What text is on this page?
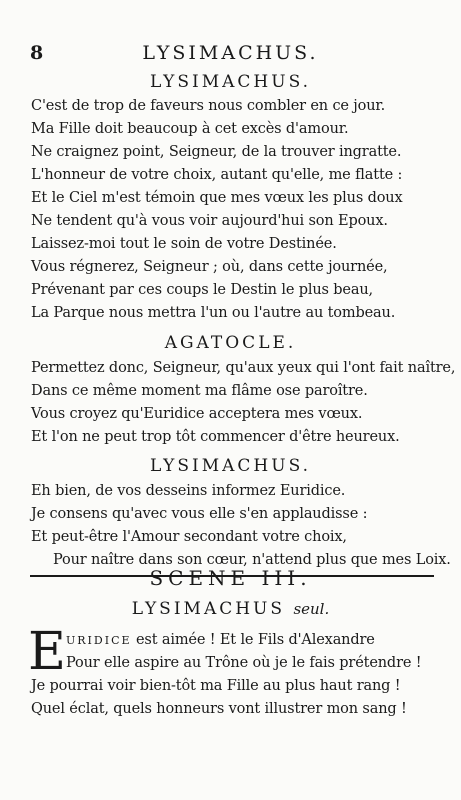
8	LYSIMACHUS.
LYSIMACHUS.
C'est de trop de faveurs nous combler en ce jour.
Ma Fille doit beaucoup à cet excès d'amour.
Ne craignez point, Seigneur, de la trouver ingratte.
L'honneur de votre choix, autant qu'elle, me flatte :
Et le Ciel m'est témoin que mes vœux les plus doux
Ne tendent qu'à vous voir aujourd'hui son Epoux.
Laissez-moi tout le soin de votre Destinée.
Vous régnerez, Seigneur ; où, dans cette journée,
Prévenant par ces coups le Destin le plus beau,
La Parque nous mettra l'un ou l'autre au tombeau.
AGATOCLE.
Permettez donc, Seigneur, qu'aux yeux qui l'ont fait naître,
Dans ce même moment ma flâme ose paroître.
Vous croyez qu'Euridice acceptera mes vœux.
Et l'on ne peut trop tôt commencer d'être heureux.
LYSIMACHUS.
Eh bien, de vos desseins informez Euridice.
Je consens qu'avec vous elle s'en applaudisse :
Et peut-être l'Amour secondant votre choix,
Pour naître dans son cœur, n'attend plus que mes Loix.
SCENE III.
LYSIMACHUS seul.
E URIDICE est aimée ! Et le Fils d'Alexandre
Pour elle aspire au Trône où je le fais prétendre !
Je pourrai voir bien-tôt ma Fille au plus haut rang !
Quel éclat, quels honneurs vont illustrer mon sang !
